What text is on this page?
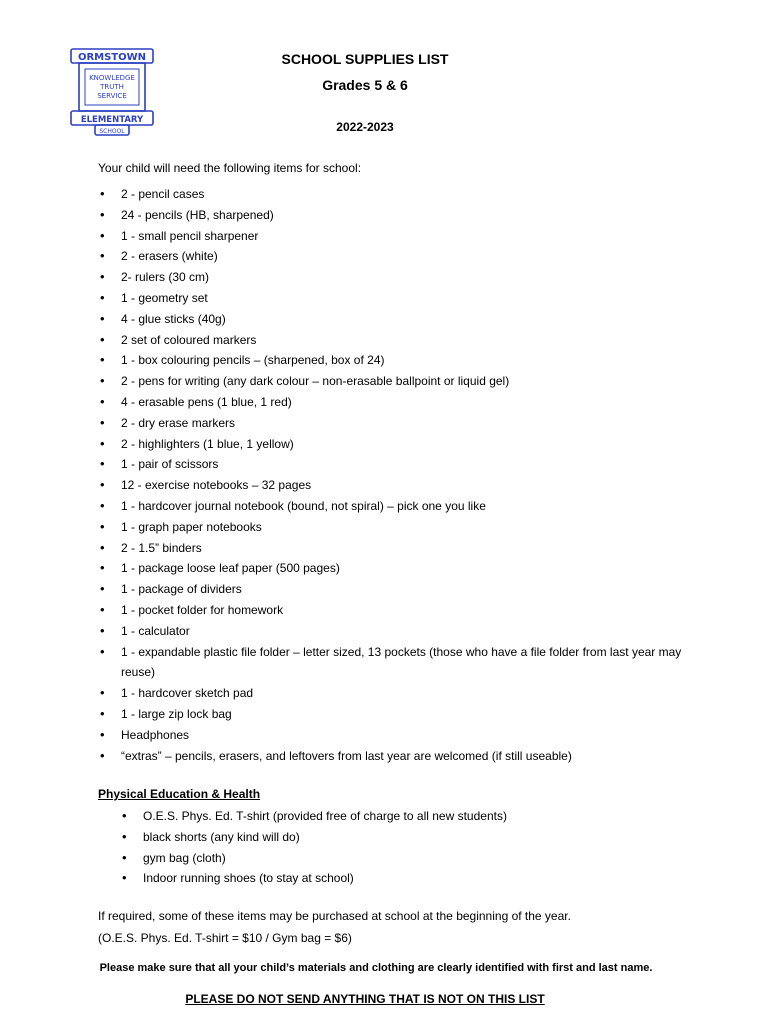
ORMSTOWN
KNOWLEDGE
TRUTH
SERVICE
ELEMENTARY
SCHOOL
SCHOOL SUPPLIES LIST
Grades 5 & 6
2022-2023
Your child will need the following items for school:
• 2 - pencil cases
• 24 - pencils (HB, sharpened)
• 1 - small pencil sharpener
• 2 - erasers (white)
• 2- rulers (30 cm)
• 1 - geometry set
• 4 - glue sticks (40g)
• 2 set of coloured markers
• 1 - box colouring pencils – (sharpened, box of 24)
• 2 - pens for writing (any dark colour – non-erasable ballpoint or liquid gel)
• 4 - erasable pens (1 blue, 1 red)
• 2 - dry erase markers
• 2 - highlighters (1 blue, 1 yellow)
• 1 - pair of scissors
• 12 - exercise notebooks – 32 pages
• 1 - hardcover journal notebook (bound, not spiral) – pick one you like
• 1 - graph paper notebooks
• 2 - 1.5” binders
• 1 - package loose leaf paper (500 pages)
• 1 - package of dividers
• 1 - pocket folder for homework
• 1 - calculator
• 1 - expandable plastic file folder – letter sized, 13 pockets (those who have a file folder from last year may reuse)
• 1 - hardcover sketch pad
• 1 - large zip lock bag
• Headphones
• “extras” – pencils, erasers, and leftovers from last year are welcomed (if still useable)
Physical Education & Health
• O.E.S. Phys. Ed. T-shirt (provided free of charge to all new students)
• black shorts (any kind will do)
• gym bag (cloth)
• Indoor running shoes (to stay at school)
If required, some of these items may be purchased at school at the beginning of the year.
(O.E.S. Phys. Ed. T-shirt = $10 / Gym bag = $6)
Please make sure that all your child’s materials and clothing are clearly identified with first and last name.
PLEASE DO NOT SEND ANYTHING THAT IS NOT ON THIS LIST
